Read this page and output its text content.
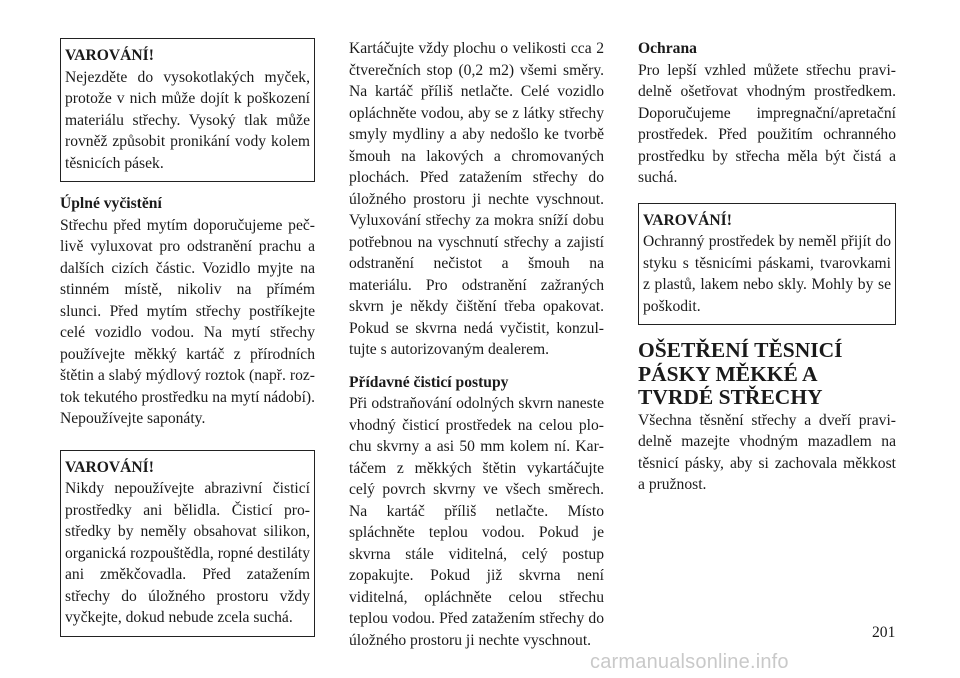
VAROVÁNÍ!

Nejezděte do vysokotlakých myček, protože v nich může dojít k poškození materiálu střechy. Vysoký tlak může rovněž způsobit pronikání vody kolem těsnicích pásek.

Úplné vyčistění

Střechu před mytím doporučujeme pečlivě vyluxovat pro odstranění prachu a dalších cizích částic. Vozidlo myjte na stinném místě, nikoliv na přímém slunci. Před mytím střechy postříkejte celé vozidlo vodou. Na mytí střechy používejte měkký kartáč z přírodních štětin a slabý mýdlový roztok (např. roztok tekutého prostředku na mytí nádobí). Nepoužívejte saponáty.

VAROVÁNÍ!

Nikdy nepoužívejte abrazivní čisticí prostředky ani bělidla. Čisticí prostředky by neměly obsahovat silikon, organická rozpouštědla, ropné destiláty ani změkčovadla. Před zatažením střechy do úložného prostoru vždy vyčkejte, dokud nebude zcela suchá.

Kartáčujte vždy plochu o velikosti cca 2 čtverečních stop (0,2 m2) všemi směry. Na kartáč příliš netlačte. Celé vozidlo opláchněte vodou, aby se z látky střechy smyly mydliny a aby nedošlo ke tvorbě šmouh na lakových a chromovaných plochách. Před zatažením střechy do úložného prostoru ji nechte vyschnout. Vyluxování střechy za mokra sníží dobu potřebnou na vyschnutí střechy a zajistí odstranění nečistot a šmouh na materiálu. Pro odstranění zažraných skvrn je někdy čištění třeba opakovat. Pokud se skvrna nedá vyčistit, konzultujte s autorizovaným dealerem.

Přídavné čisticí postupy

Při odstraňování odolných skvrn naneste vhodný čisticí prostředek na celou plochu skvrny a asi 50 mm kolem ní. Kartáčem z měkkých štětin vykartáčujte celý povrch skvrny ve všech směrech. Na kartáč příliš netlačte. Místo spláchněte teplou vodou. Pokud je skvrna stále viditelná, celý postup zopakujte. Pokud již skvrna není viditelná, opláchněte celou střechu teplou vodou. Před zatažením střechy do úložného prostoru ji nechte vyschnout.

Ochrana

Pro lepší vzhled můžete střechu pravidelně ošetřovat vhodným prostředkem. Doporučujeme impregnační/apretační prostředek. Před použitím ochranného prostředku by střecha měla být čistá a suchá.

VAROVÁNÍ!

Ochranný prostředek by neměl přijít do styku s těsnicími páskami, tvarovkami z plastů, lakem nebo skly. Mohly by se poškodit.

OŠETŘENÍ TĚSNICÍ PÁSKY MĚKKÉ A TVRDÉ STŘECHY

Všechna těsnění střechy a dveří pravidelně mazejte vhodným mazadlem na těsnicí pásky, aby si zachovala měkkost a pružnost.

201
carmanualsonline.info
